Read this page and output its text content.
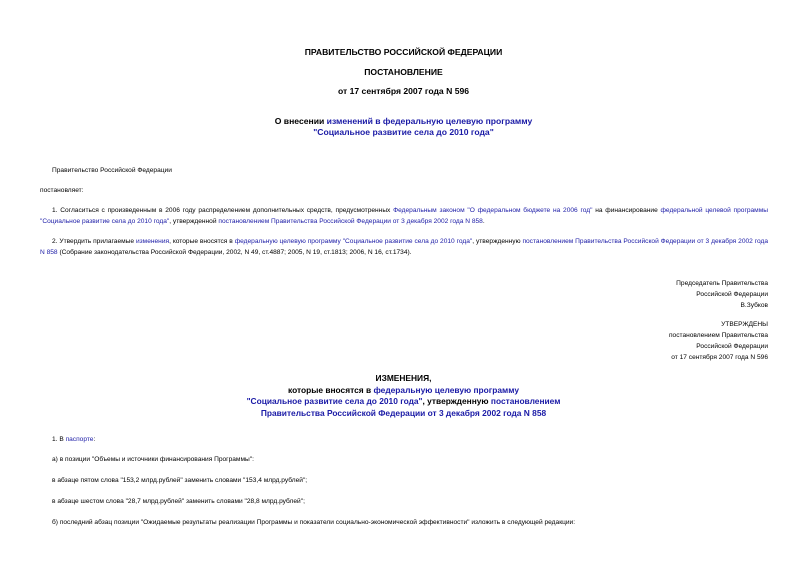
ПРАВИТЕЛЬСТВО РОССИЙСКОЙ ФЕДЕРАЦИИ
ПОСТАНОВЛЕНИЕ
от 17 сентября 2007 года N 596
О внесении изменений в федеральную целевую программу
"Социальное развитие села до 2010 года"
Правительство Российской Федерации
постановляет:
1. Согласиться с произведенным в 2006 году распределением дополнительных средств, предусмотренных Федеральным законом "О федеральном бюджете на 2006 год" на финансирование федеральной целевой программы "Социальное развитие села до 2010 года", утвержденной постановлением Правительства Российской Федерации от 3 декабря 2002 года N 858.
2. Утвердить прилагаемые изменения, которые вносятся в федеральную целевую программу "Социальное развитие села до 2010 года", утвержденную постановлением Правительства Российской Федерации от 3 декабря 2002 года N 858 (Собрание законодательства Российской Федерации, 2002, N 49, ст.4887; 2005, N 19, ст.1813; 2006, N 16, ст.1734).
Председатель Правительства
Российской Федерации
В.Зубков
УТВЕРЖДЕНЫ
постановлением Правительства
Российской Федерации
от 17 сентября 2007 года N 596
ИЗМЕНЕНИЯ,
которые вносятся в федеральную целевую программу
"Социальное развитие села до 2010 года", утвержденную постановлением
Правительства Российской Федерации от 3 декабря 2002 года N 858
1. В паспорте:
а) в позиции "Объемы и источники финансирования Программы":
в абзаце пятом слова "153,2 млрд.рублей" заменить словами "153,4 млрд.рублей";
в абзаце шестом слова "28,7 млрд.рублей" заменить словами "28,8 млрд.рублей";
б) последний абзац позиции "Ожидаемые результаты реализации Программы и показатели социально-экономической эффективности" изложить в следующей редакции:
